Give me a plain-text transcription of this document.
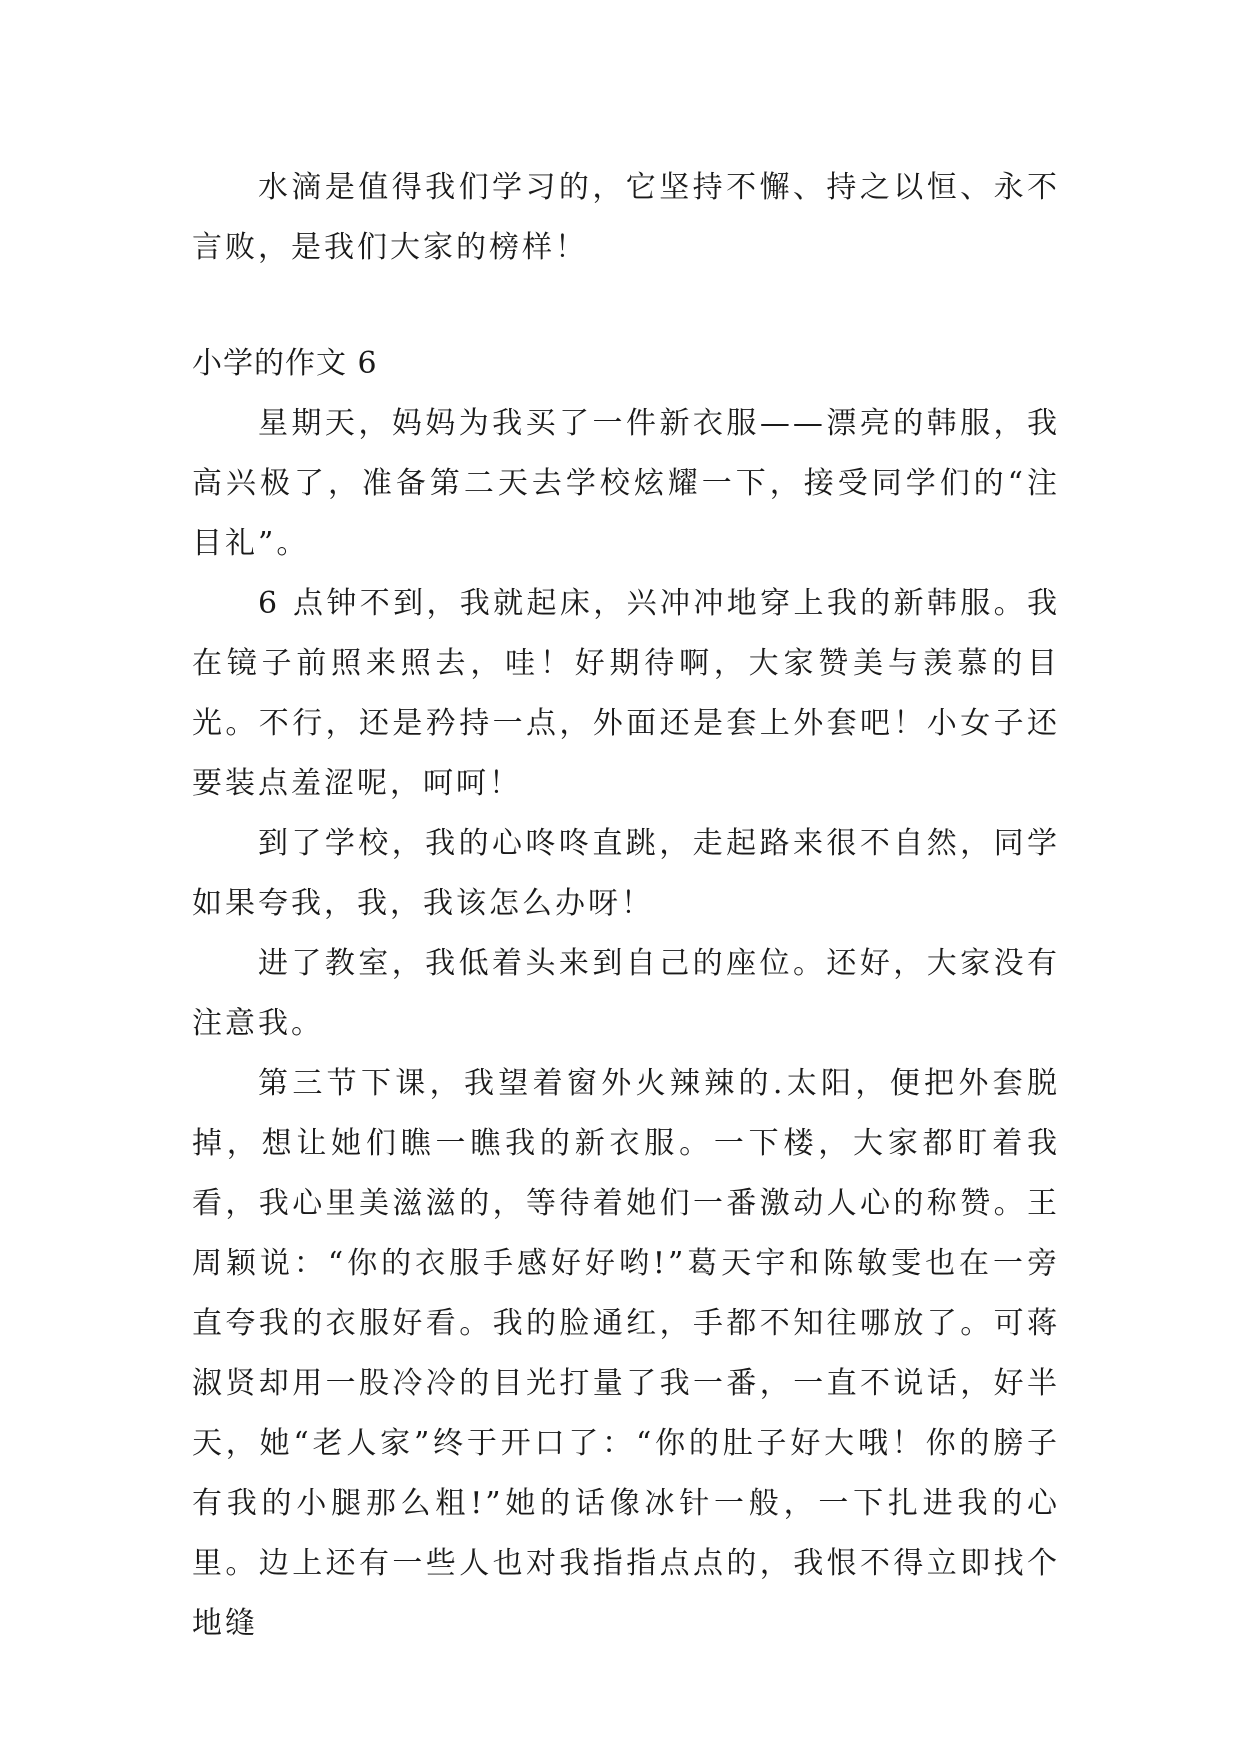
水滴是值得我们学习的，它坚持不懈、持之以恒、永不言败，是我们大家的榜样！

小学的作文 6

星期天，妈妈为我买了一件新衣服——漂亮的韩服，我高兴极了，准备第二天去学校炫耀一下，接受同学们的“注目礼”。

6 点钟不到，我就起床，兴冲冲地穿上我的新韩服。我在镜子前照来照去，哇！好期待啊，大家赞美与羡慕的目光。不行，还是矜持一点，外面还是套上外套吧！小女子还要装点羞涩呢，呵呵！

到了学校，我的心咚咚直跳，走起路来很不自然，同学如果夸我，我，我该怎么办呀！

进了教室，我低着头来到自己的座位。还好，大家没有注意我。

第三节下课，我望着窗外火辣辣的.太阳，便把外套脱掉，想让她们瞧一瞧我的新衣服。一下楼，大家都盯着我看，我心里美滋滋的，等待着她们一番激动人心的称赞。王周颖说：“你的衣服手感好好哟!”葛天宇和陈敏雯也在一旁直夸我的衣服好看。我的脸通红，手都不知往哪放了。可蒋淑贤却用一股冷冷的目光打量了我一番，一直不说话，好半天，她“老人家”终于开口了：“你的肚子好大哦！你的膀子有我的小腿那么粗!”她的话像冰针一般，一下扎进我的心里。边上还有一些人也对我指指点点的，我恨不得立即找个地缝
